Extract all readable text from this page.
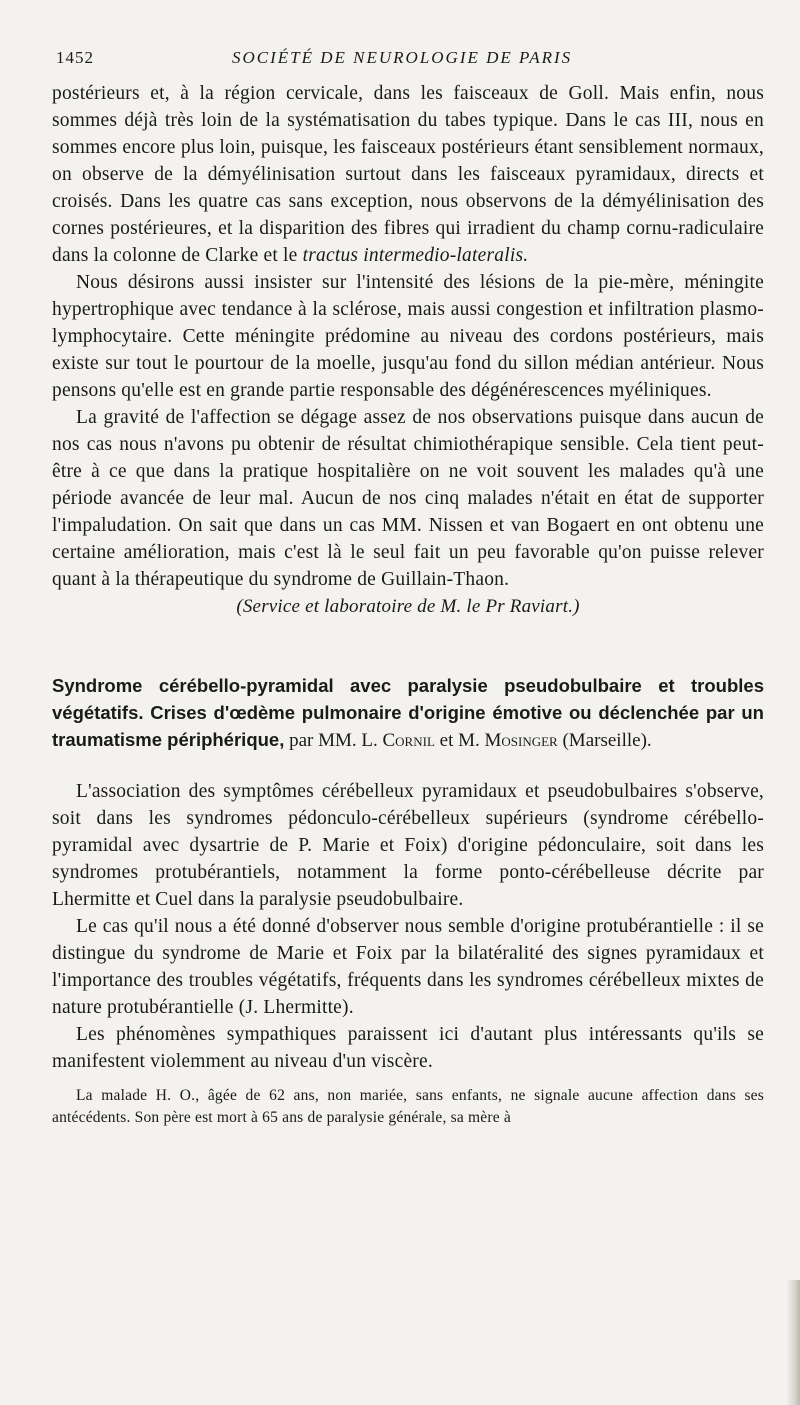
1452	SOCIÉTÉ DE NEUROLOGIE DE PARIS

postérieurs et, à la région cervicale, dans les faisceaux de Goll. Mais enfin, nous sommes déjà très loin de la systématisation du tabes typique. Dans le cas III, nous en sommes encore plus loin, puisque, les faisceaux postérieurs étant sensiblement normaux, on observe de la démyélinisation surtout dans les faisceaux pyramidaux, directs et croisés. Dans les quatre cas sans exception, nous observons de la démyélinisation des cornes postérieures, et la disparition des fibres qui irradient du champ cornu-radiculaire dans la colonne de Clarke et le tractus intermedio-lateralis.

Nous désirons aussi insister sur l'intensité des lésions de la pie-mère, méningite hypertrophique avec tendance à la sclérose, mais aussi congestion et infiltration plasmo-lymphocytaire. Cette méningite prédomine au niveau des cordons postérieurs, mais existe sur tout le pourtour de la moelle, jusqu'au fond du sillon médian antérieur. Nous pensons qu'elle est en grande partie responsable des dégénérescences myéliniques.

La gravité de l'affection se dégage assez de nos observations puisque dans aucun de nos cas nous n'avons pu obtenir de résultat chimiothérapique sensible. Cela tient peut-être à ce que dans la pratique hospitalière on ne voit souvent les malades qu'à une période avancée de leur mal. Aucun de nos cinq malades n'était en état de supporter l'impaludation. On sait que dans un cas MM. Nissen et van Bogaert en ont obtenu une certaine amélioration, mais c'est là le seul fait un peu favorable qu'on puisse relever quant à la thérapeutique du syndrome de Guillain-Thaon.

(Service et laboratoire de M. le Pr Raviart.)

Syndrome cérébello-pyramidal avec paralysie pseudobulbaire et troubles végétatifs. Crises d'œdème pulmonaire d'origine émotive ou déclenchée par un traumatisme périphérique, par MM. L. Cornil et M. Mosinger (Marseille).

L'association des symptômes cérébelleux pyramidaux et pseudobulbaires s'observe, soit dans les syndromes pédonculo-cérébelleux supérieurs (syndrome cérébello-pyramidal avec dysartrie de P. Marie et Foix) d'origine pédonculaire, soit dans les syndromes protubérantiels, notamment la forme ponto-cérébelleuse décrite par Lhermitte et Cuel dans la paralysie pseudobulbaire.

Le cas qu'il nous a été donné d'observer nous semble d'origine protubérantielle : il se distingue du syndrome de Marie et Foix par la bilatéralité des signes pyramidaux et l'importance des troubles végétatifs, fréquents dans les syndromes cérébelleux mixtes de nature protubérantielle (J. Lhermitte).

Les phénomènes sympathiques paraissent ici d'autant plus intéressants qu'ils se manifestent violemment au niveau d'un viscère.

La malade H. O., âgée de 62 ans, non mariée, sans enfants, ne signale aucune affection dans ses antécédents. Son père est mort à 65 ans de paralysie générale, sa mère à
